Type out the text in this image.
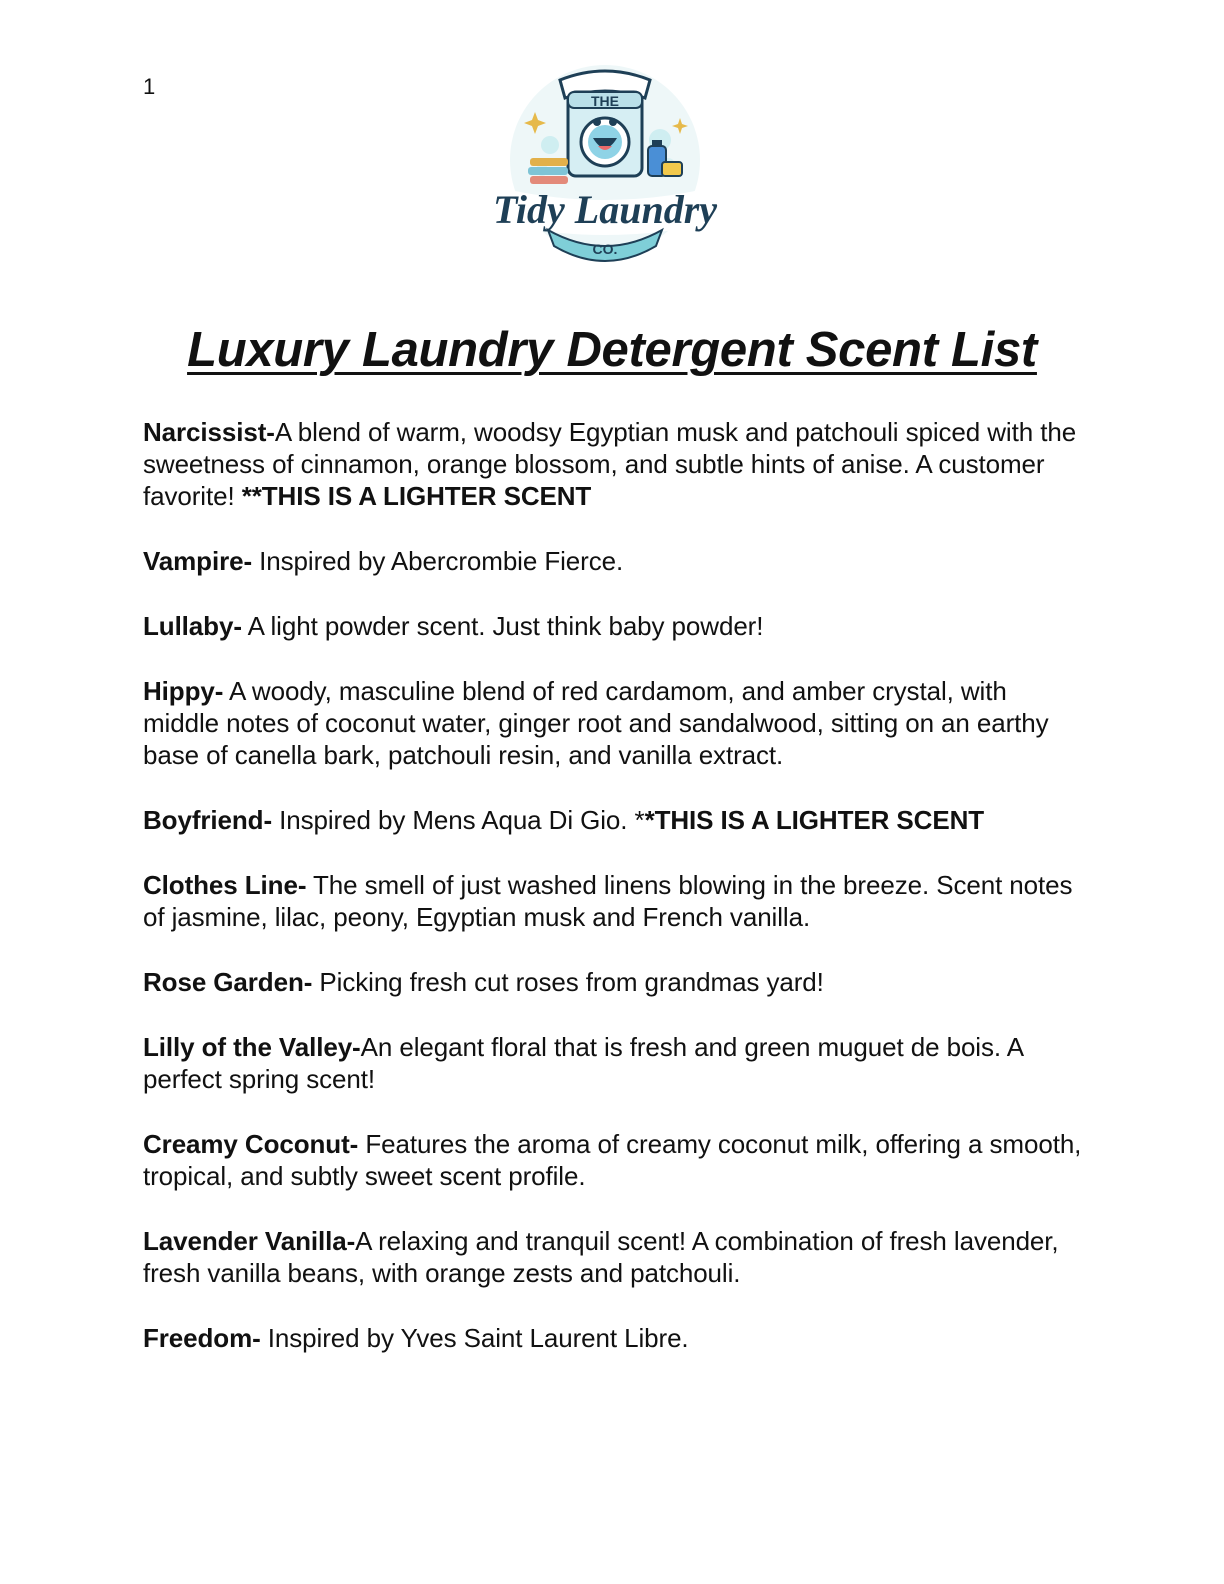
1
THE
Tidy Laundry
CO.
Luxury Laundry Detergent Scent List
Narcissist-A blend of warm, woodsy Egyptian musk and patchouli spiced with the sweetness of cinnamon, orange blossom, and subtle hints of anise. A customer favorite! **THIS IS A LIGHTER SCENT
Vampire- Inspired by Abercrombie Fierce.
Lullaby- A light powder scent. Just think baby powder!
Hippy- A woody, masculine blend of red cardamom, and amber crystal, with middle notes of coconut water, ginger root and sandalwood, sitting on an earthy base of canella bark, patchouli resin, and vanilla extract.
Boyfriend- Inspired by Mens Aqua Di Gio. **THIS IS A LIGHTER SCENT
Clothes Line- The smell of just washed linens blowing in the breeze. Scent notes of jasmine, lilac, peony, Egyptian musk and French vanilla.
Rose Garden- Picking fresh cut roses from grandmas yard!
Lilly of the Valley-An elegant floral that is fresh and green muguet de bois. A perfect spring scent!
Creamy Coconut- Features the aroma of creamy coconut milk, offering a smooth, tropical, and subtly sweet scent profile.
Lavender Vanilla-A relaxing and tranquil scent! A combination of fresh lavender, fresh vanilla beans, with orange zests and patchouli.
Freedom- Inspired by Yves Saint Laurent Libre.
